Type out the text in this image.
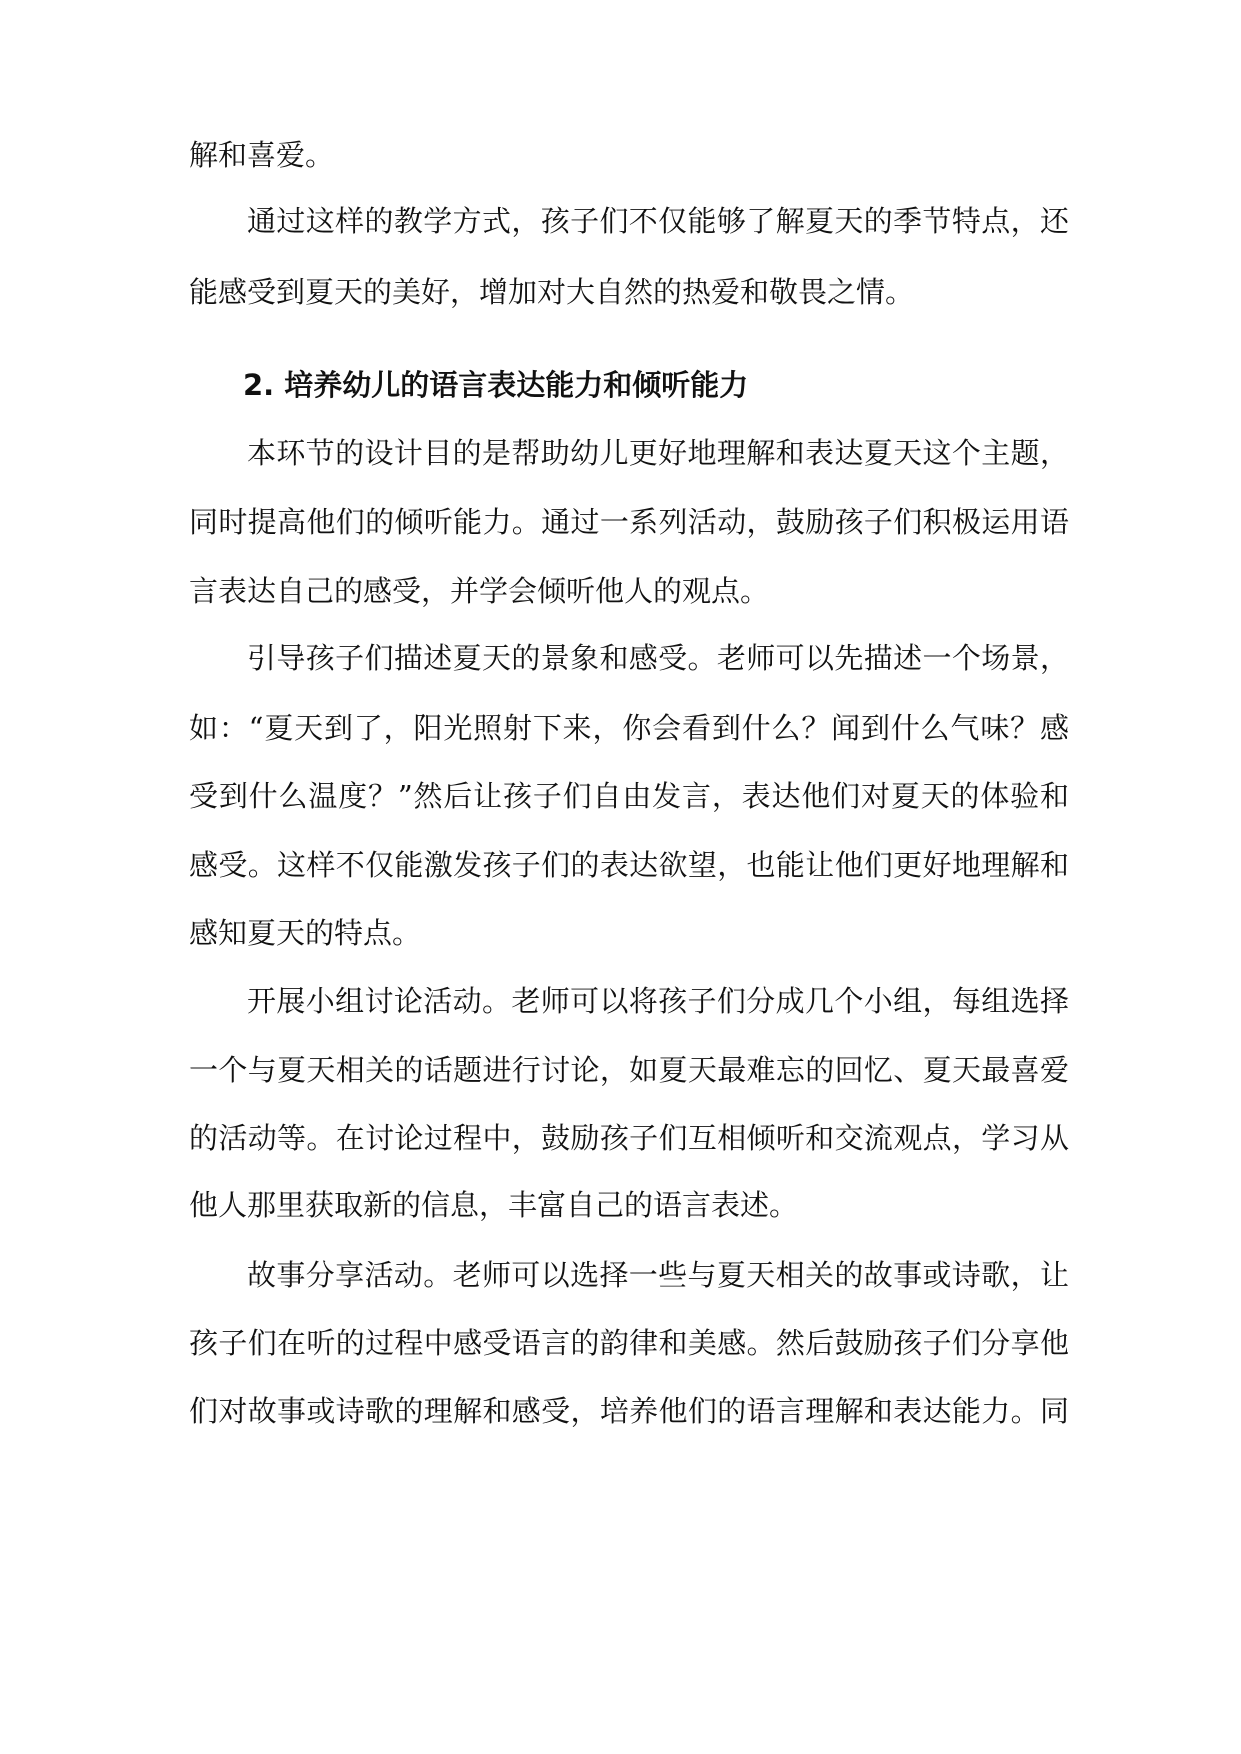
解和喜爱。
通过这样的教学方式，孩子们不仅能够了解夏天的季节特点，还
能感受到夏天的美好，增加对大自然的热爱和敬畏之情。
2. 培养幼儿的语言表达能力和倾听能力
本环节的设计目的是帮助幼儿更好地理解和表达夏天这个主题，
同时提高他们的倾听能力。通过一系列活动，鼓励孩子们积极运用语
言表达自己的感受，并学会倾听他人的观点。
引导孩子们描述夏天的景象和感受。老师可以先描述一个场景，
如：“夏天到了，阳光照射下来，你会看到什么？闻到什么气味？感
受到什么温度？”然后让孩子们自由发言，表达他们对夏天的体验和
感受。这样不仅能激发孩子们的表达欲望，也能让他们更好地理解和
感知夏天的特点。
开展小组讨论活动。老师可以将孩子们分成几个小组，每组选择
一个与夏天相关的话题进行讨论，如夏天最难忘的回忆、夏天最喜爱
的活动等。在讨论过程中，鼓励孩子们互相倾听和交流观点，学习从
他人那里获取新的信息，丰富自己的语言表述。
故事分享活动。老师可以选择一些与夏天相关的故事或诗歌，让
孩子们在听的过程中感受语言的韵律和美感。然后鼓励孩子们分享他
们对故事或诗歌的理解和感受，培养他们的语言理解和表达能力。同
